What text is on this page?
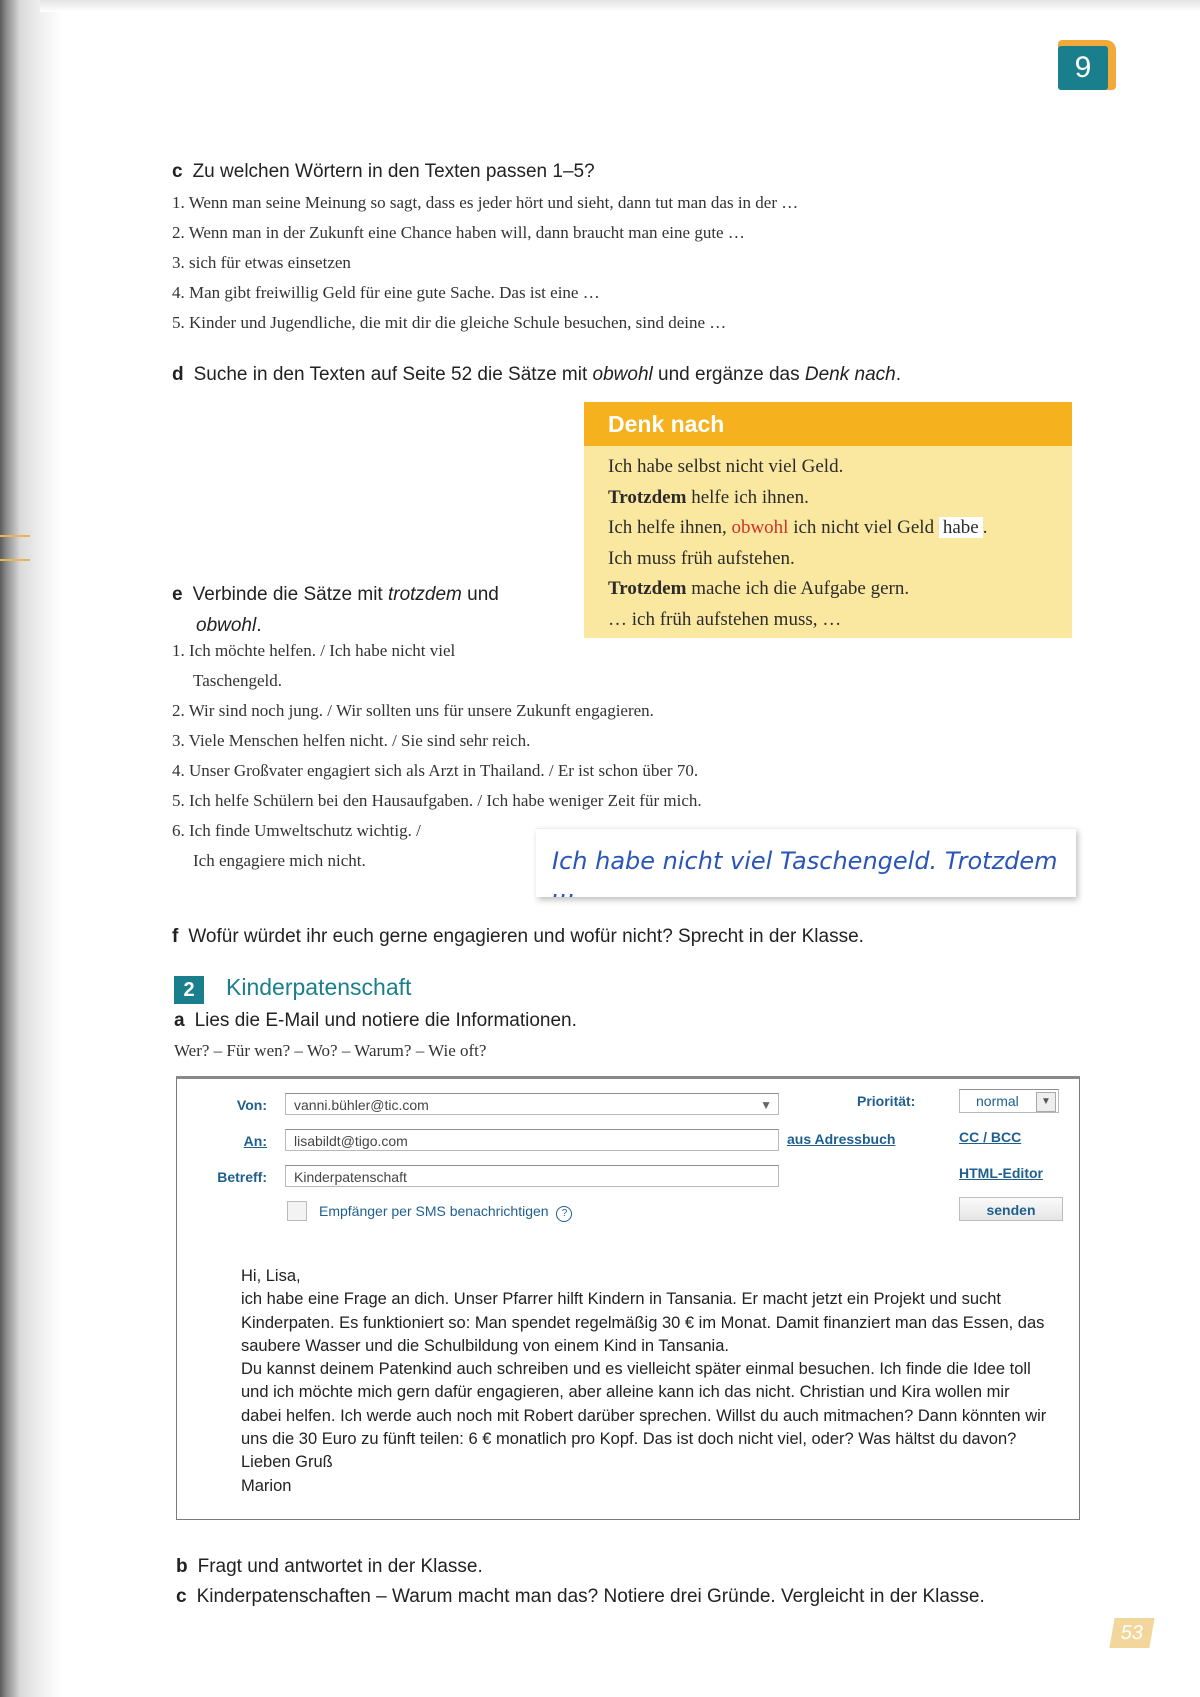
9
c Zu welchen Wörtern in den Texten passen 1–5?
1. Wenn man seine Meinung so sagt, dass es jeder hört und sieht, dann tut man das in der …
2. Wenn man in der Zukunft eine Chance haben will, dann braucht man eine gute …
3. sich für etwas einsetzen
4. Man gibt freiwillig Geld für eine gute Sache. Das ist eine …
5. Kinder und Jugendliche, die mit dir die gleiche Schule besuchen, sind deine …
d Suche in den Texten auf Seite 52 die Sätze mit obwohl und ergänze das Denk nach.
Denk nach
Ich habe selbst nicht viel Geld.
Trotzdem helfe ich ihnen.
Ich helfe ihnen, obwohl ich nicht viel Geld habe .
Ich muss früh aufstehen.
Trotzdem mache ich die Aufgabe gern.
… ich früh aufstehen muss, …
e Verbinde die Sätze mit trotzdem und
obwohl.
1. Ich möchte helfen. / Ich habe nicht viel
Taschengeld.
2. Wir sind noch jung. / Wir sollten uns für unsere Zukunft engagieren.
3. Viele Menschen helfen nicht. / Sie sind sehr reich.
4. Unser Großvater engagiert sich als Arzt in Thailand. / Er ist schon über 70.
5. Ich helfe Schülern bei den Hausaufgaben. / Ich habe weniger Zeit für mich.
6. Ich finde Umweltschutz wichtig. /
Ich engagiere mich nicht.	Ich habe nicht viel Taschengeld. Trotzdem …
f Wofür würdet ihr euch gerne engagieren und wofür nicht? Sprecht in der Klasse.
2	Kinderpatenschaft
a Lies die E-Mail und notiere die Informationen.
Wer? – Für wen? – Wo? – Warum? – Wie oft?
Von:	vanni.bühler@tic.com	▼
An:	lisabildt@tigo.com
Betreff:	Kinderpatenschaft
Empfänger per SMS benachrichtigen ?
Priorität:	normal	▼
aus Adressbuch	CC / BCC
HTML-Editor
senden

Hi, Lisa,

ich habe eine Frage an dich. Unser Pfarrer hilft Kindern in Tansania. Er macht jetzt ein Projekt und sucht Kinderpaten. Es funktioniert so: Man spendet regelmäßig 30 € im Monat. Damit finanziert man das Essen, das saubere Wasser und die Schulbildung von einem Kind in Tansania.

Du kannst deinem Patenkind auch schreiben und es vielleicht später einmal besuchen. Ich finde die Idee toll und ich möchte mich gern dafür engagieren, aber alleine kann ich das nicht. Christian und Kira wollen mir dabei helfen. Ich werde auch noch mit Robert darüber sprechen. Willst du auch mitmachen? Dann könnten wir uns die 30 Euro zu fünft teilen: 6 € monatlich pro Kopf. Das ist doch nicht viel, oder? Was hältst du davon?

Lieben Gruß

Marion

b Fragt und antwortet in der Klasse.
c Kinderpatenschaften – Warum macht man das? Notiere drei Gründe. Vergleicht in der Klasse.
53
